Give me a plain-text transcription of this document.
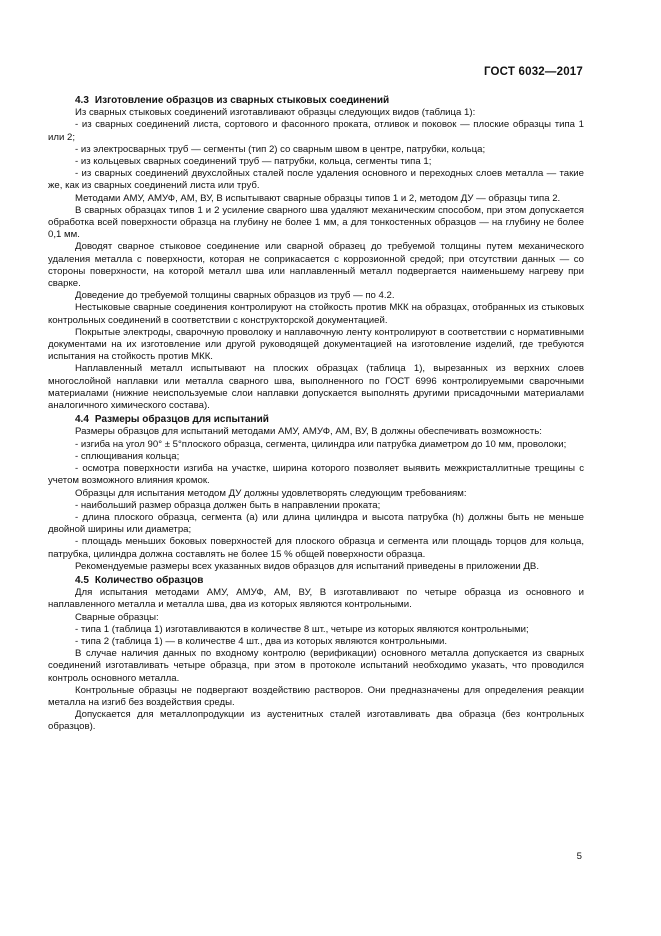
ГОСТ 6032—2017
4.3 Изготовление образцов из сварных стыковых соединений

Из сварных стыковых соединений изготавливают образцы следующих видов (таблица 1):

- из сварных соединений листа, сортового и фасонного проката, отливок и поковок — плоские образцы типа 1 или 2;

- из электросварных труб — сегменты (тип 2) со сварным швом в центре, патрубки, кольца;

- из кольцевых сварных соединений труб — патрубки, кольца, сегменты типа 1;

- из сварных соединений двухслойных сталей после удаления основного и переходных слоев металла — такие же, как из сварных соединений листа или труб.

Методами АМУ, АМУФ, АМ, ВУ, В испытывают сварные образцы типов 1 и 2, методом ДУ — образцы типа 2.

В сварных образцах типов 1 и 2 усиление сварного шва удаляют механическим способом, при этом допускается обработка всей поверхности образца на глубину не более 1 мм, а для тонкостенных образцов — на глубину не более 0,1 мм.

Доводят сварное стыковое соединение или сварной образец до требуемой толщины путем механического удаления металла с поверхности, которая не соприкасается с коррозионной средой; при отсутствии данных — со стороны поверхности, на которой металл шва или наплавленный металл подвергается наименьшему нагреву при сварке.

Доведение до требуемой толщины сварных образцов из труб — по 4.2.

Нестыковые сварные соединения контролируют на стойкость против МКК на образцах, отобранных из стыковых контрольных соединений в соответствии с конструкторской документацией.

Покрытые электроды, сварочную проволоку и наплавочную ленту контролируют в соответствии с нормативными документами на их изготовление или другой руководящей документацией на изготовление изделий, где требуются испытания на стойкость против МКК.

Наплавленный металл испытывают на плоских образцах (таблица 1), вырезанных из верхних слоев многослойной наплавки или металла сварного шва, выполненного по ГОСТ 6996 контролируемыми сварочными материалами (нижние неиспользуемые слои наплавки допускается выполнять другими присадочными материалами аналогичного химического состава).

4.4 Размеры образцов для испытаний

Размеры образцов для испытаний методами АМУ, АМУФ, АМ, ВУ, В должны обеспечивать возможность:

- изгиба на угол 90° ± 5°плоского образца, сегмента, цилиндра или патрубка диаметром до 10 мм, проволоки;

- сплющивания кольца;

- осмотра поверхности изгиба на участке, ширина которого позволяет выявить межкристаллитные трещины с учетом возможного влияния кромок.

Образцы для испытания методом ДУ должны удовлетворять следующим требованиям:

- наибольший размер образца должен быть в направлении проката;

- длина плоского образца, сегмента (a) или длина цилиндра и высота патрубка (h) должны быть не меньше двойной ширины или диаметра;

- площадь меньших боковых поверхностей для плоского образца и сегмента или площадь торцов для кольца, патрубка, цилиндра должна составлять не более 15 % общей поверхности образца.

Рекомендуемые размеры всех указанных видов образцов для испытаний приведены в приложении ДВ.

4.5 Количество образцов

Для испытания методами АМУ, АМУФ, АМ, ВУ, В изготавливают по четыре образца из основного и наплавленного металла и металла шва, два из которых являются контрольными.

Сварные образцы:

- типа 1 (таблица 1) изготавливаются в количестве 8 шт., четыре из которых являются контрольными;

- типа 2 (таблица 1) — в количестве 4 шт., два из которых являются контрольными.

В случае наличия данных по входному контролю (верификации) основного металла допускается из сварных соединений изготавливать четыре образца, при этом в протоколе испытаний необходимо указать, что проводился контроль основного металла.

Контрольные образцы не подвергают воздействию растворов. Они предназначены для определения реакции металла на изгиб без воздействия среды.

Допускается для металлопродукции из аустенитных сталей изготавливать два образца (без контрольных образцов).

5
